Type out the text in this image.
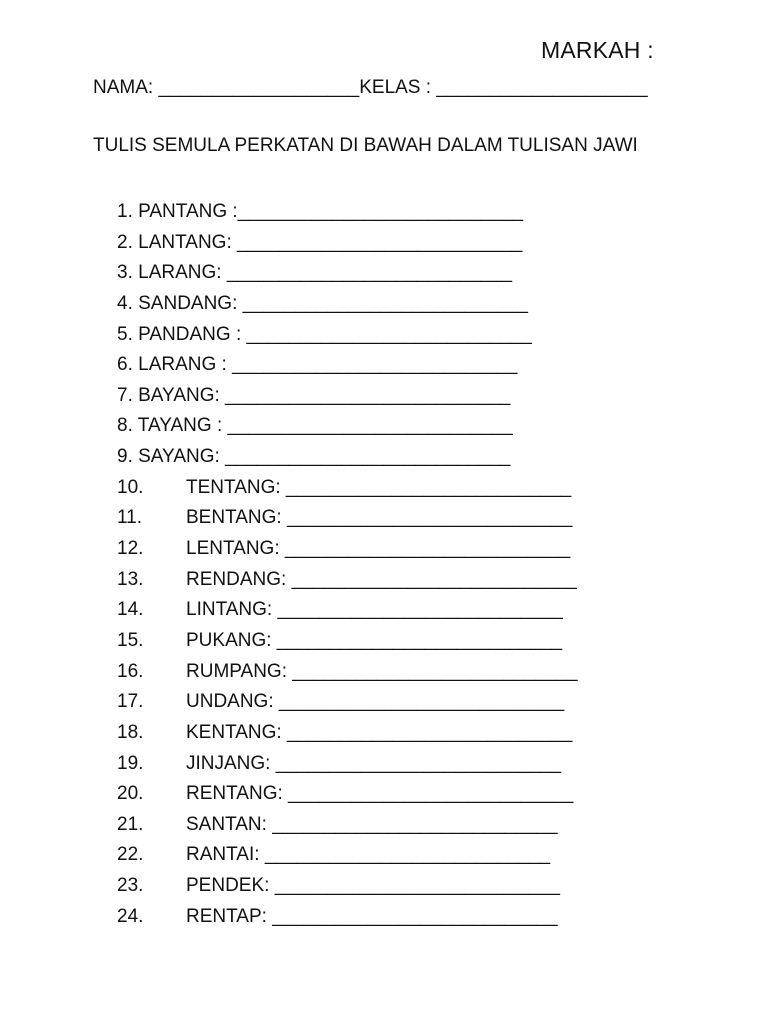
MARKAH :
NAMA: ___________________KELAS : ____________________
TULIS SEMULA PERKATAN DI BAWAH DALAM TULISAN JAWI
1. PANTANG :___________________________
2. LANTANG: ___________________________
3. LARANG: ___________________________
4. SANDANG: ___________________________
5. PANDANG : ___________________________
6. LARANG : ___________________________
7. BAYANG: ___________________________
8. TAYANG : ___________________________
9. SAYANG: ___________________________
10. TENTANG: ___________________________
11. BENTANG: ___________________________
12. LENTANG: ___________________________
13. RENDANG: ___________________________
14. LINTANG: ___________________________
15. PUKANG: ___________________________
16. RUMPANG: ___________________________
17. UNDANG: ___________________________
18. KENTANG: ___________________________
19. JINJANG: ___________________________
20. RENTANG: ___________________________
21. SANTAN: ___________________________
22. RANTAI: ___________________________
23. PENDEK: ___________________________
24. RENTAP: ___________________________
